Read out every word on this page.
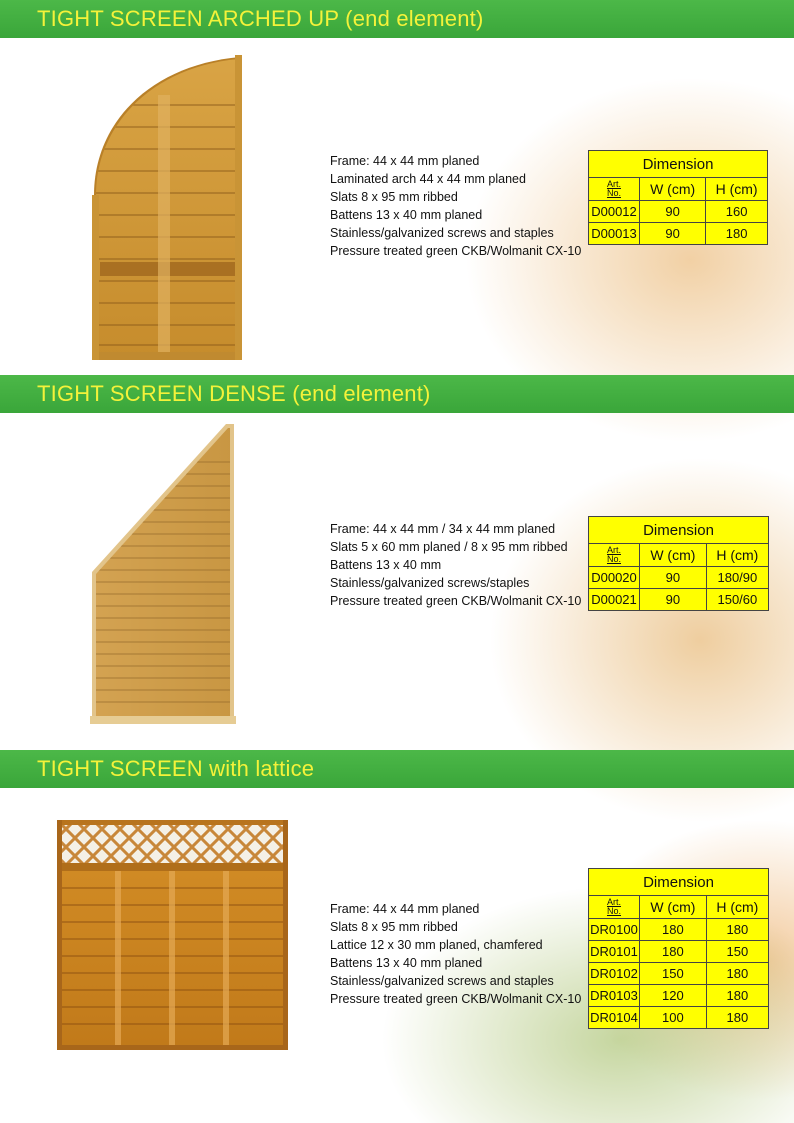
TIGHT SCREEN ARCHED UP (end element)
Frame: 44 x 44 mm planed
Laminated arch 44 x 44 mm planed
Slats 8 x 95 mm ribbed
Battens 13 x 40 mm planed
Stainless/galvanized screws and staples
Pressure treated green CKB/Wolmanit CX-10
Dimension		

Art.
No.	W (cm)	H (cm)
D00012	90	160
D00013	90	180
TIGHT SCREEN DENSE (end element)
Frame: 44 x 44 mm / 34 x 44 mm planed
Slats 5 x 60 mm planed / 8 x 95 mm ribbed
Battens 13 x 40 mm
Stainless/galvanized screws/staples
Pressure treated green CKB/Wolmanit CX-10
Dimension		

Art.
No.	W (cm)	H (cm)
D00020	90	180/90
D00021	90	150/60
TIGHT SCREEN with lattice
Frame: 44 x 44 mm planed
Slats 8 x 95 mm ribbed
Lattice 12 x 30 mm planed, chamfered
Battens 13 x 40 mm planed
Stainless/galvanized screws and staples
Pressure treated green CKB/Wolmanit CX-10
Dimension		

Art.
No.	W (cm)	H (cm)
DR0100	180	180
DR0101	180	150
DR0102	150	180
DR0103	120	180
DR0104	100	180
